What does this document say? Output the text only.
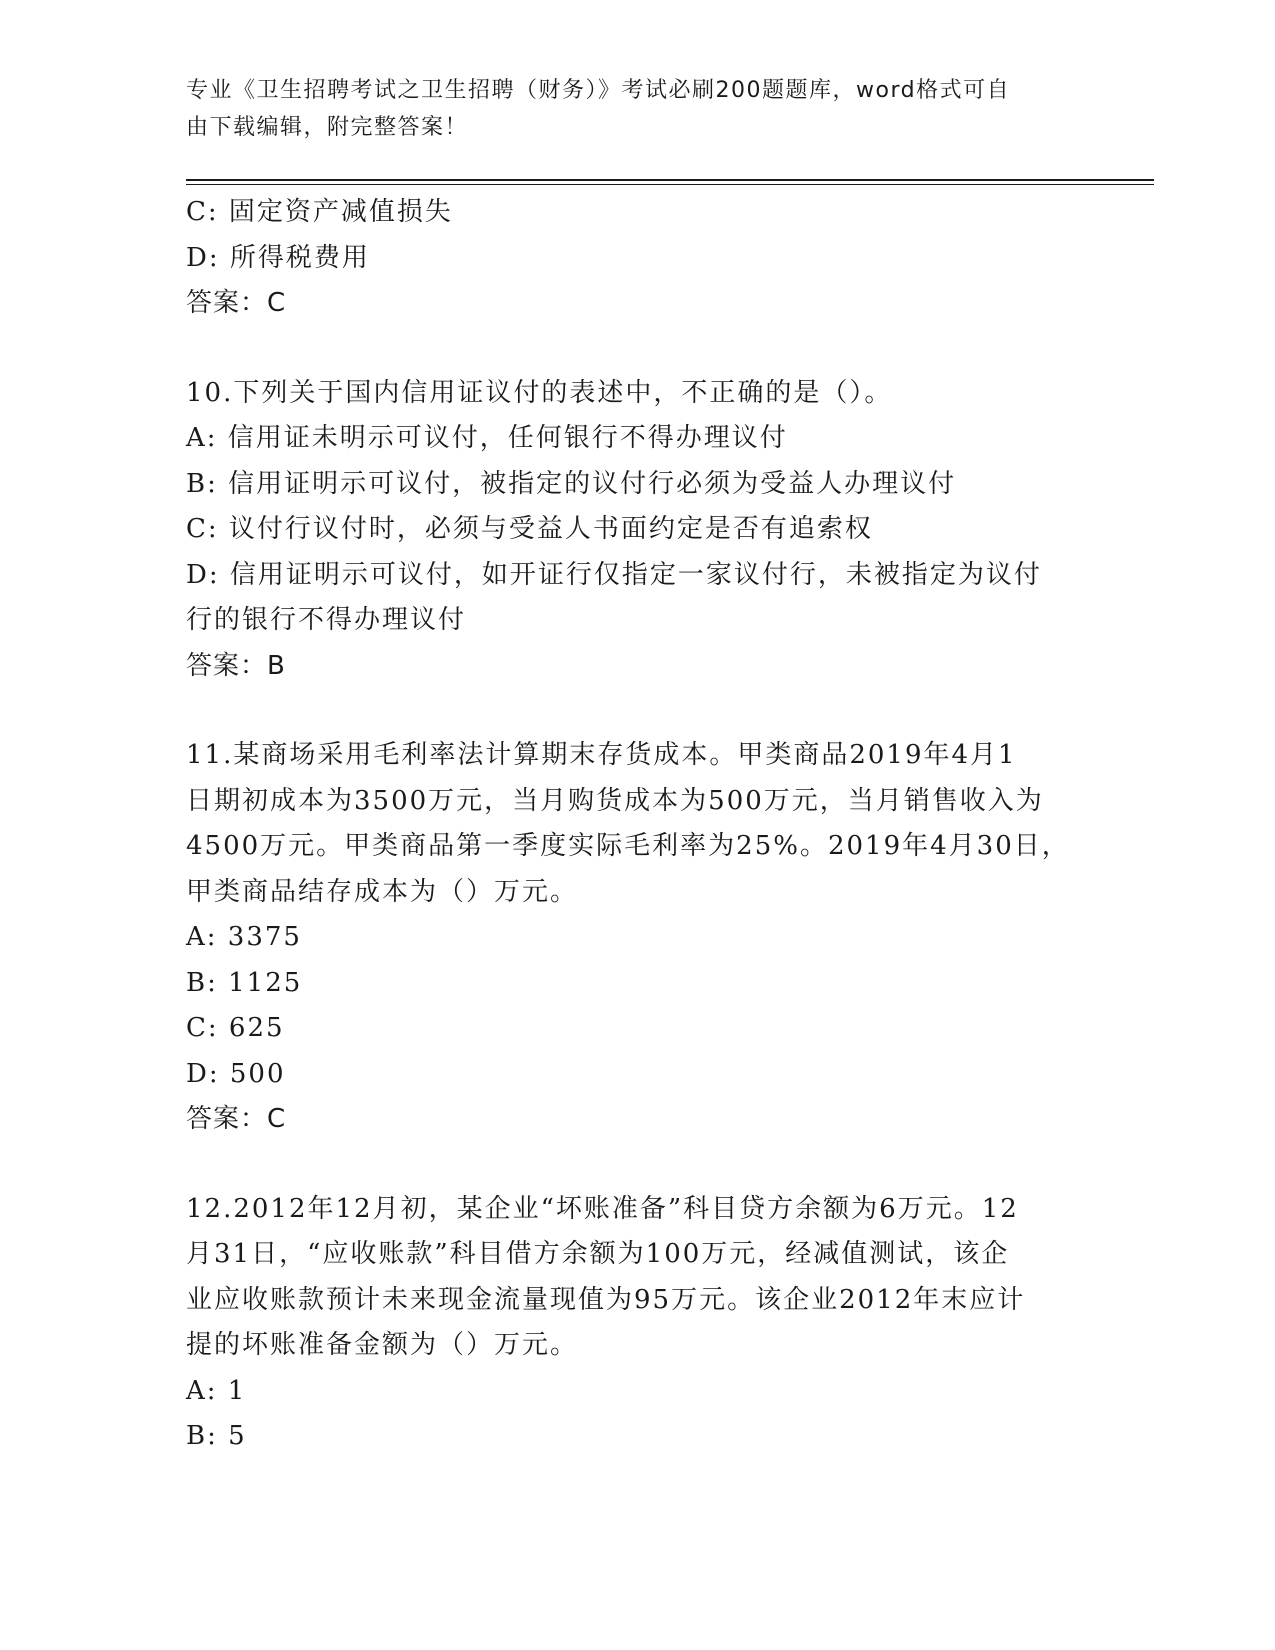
专业《卫生招聘考试之卫生招聘（财务）》考试必刷200题题库，word格式可自
由下载编辑，附完整答案！
C: 固定资产减值损失
D: 所得税费用
答案：C
10.下列关于国内信用证议付的表述中，不正确的是（）。
A: 信用证未明示可议付，任何银行不得办理议付
B: 信用证明示可议付，被指定的议付行必须为受益人办理议付
C: 议付行议付时，必须与受益人书面约定是否有追索权
D: 信用证明示可议付，如开证行仅指定一家议付行，未被指定为议付
行的银行不得办理议付
答案：B
11.某商场采用毛利率法计算期末存货成本。甲类商品2019年4月1
日期初成本为3500万元，当月购货成本为500万元，当月销售收入为
4500万元。甲类商品第一季度实际毛利率为25%。2019年4月30日，
甲类商品结存成本为（）万元。
A: 3375
B: 1125
C: 625
D: 500
答案：C
12.2012年12月初，某企业“坏账准备”科目贷方余额为6万元。12
月31日，“应收账款”科目借方余额为100万元，经减值测试，该企
业应收账款预计未来现金流量现值为95万元。该企业2012年末应计
提的坏账准备金额为（）万元。
A: 1
B: 5
